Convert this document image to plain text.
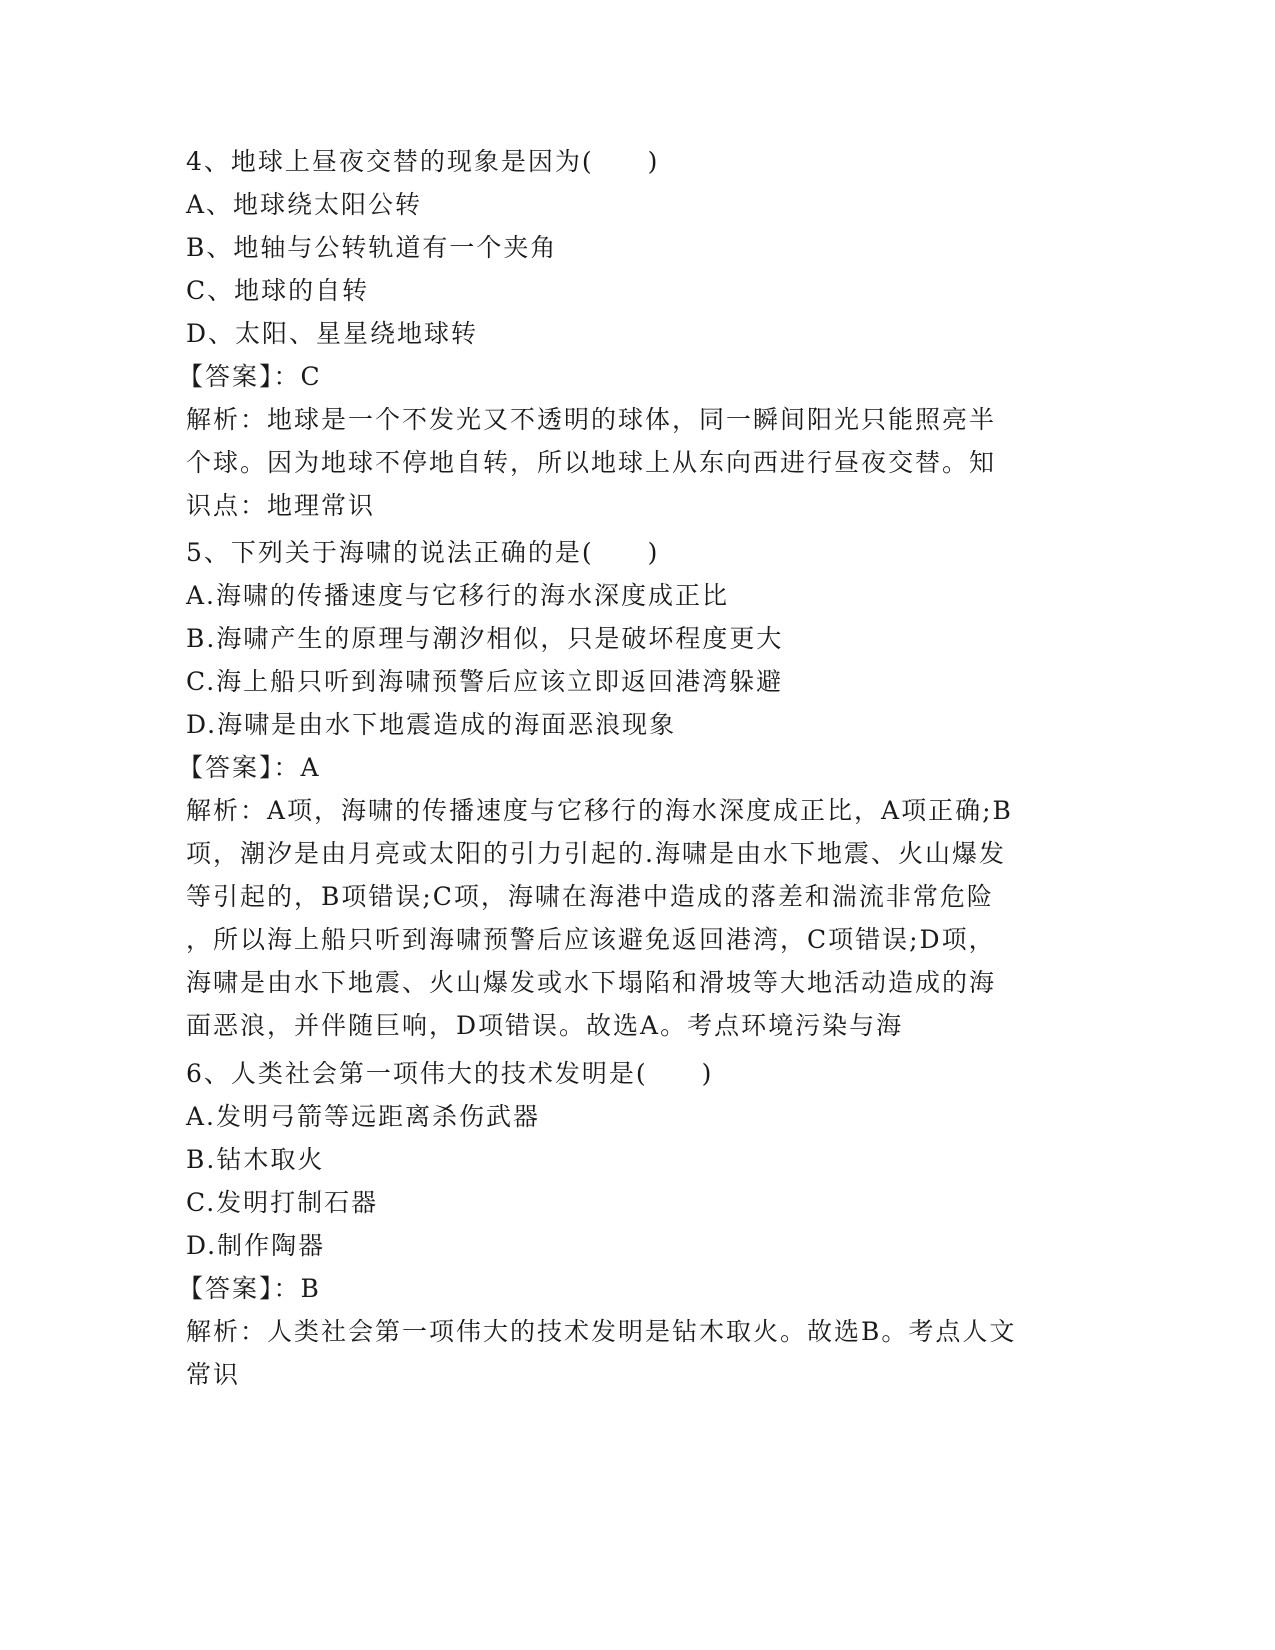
4、地球上昼夜交替的现象是因为(　　)
A、地球绕太阳公转
B、地轴与公转轨道有一个夹角
C、地球的自转
D、太阳、星星绕地球转
【答案】：C
解析：地球是一个不发光又不透明的球体，同一瞬间阳光只能照亮半
个球。因为地球不停地自转，所以地球上从东向西进行昼夜交替。知
识点：地理常识
5、下列关于海啸的说法正确的是(　　)
A.海啸的传播速度与它移行的海水深度成正比
B.海啸产生的原理与潮汐相似，只是破坏程度更大
C.海上船只听到海啸预警后应该立即返回港湾躲避
D.海啸是由水下地震造成的海面恶浪现象
【答案】：A
解析：A项，海啸的传播速度与它移行的海水深度成正比，A项正确;B
项，潮汐是由月亮或太阳的引力引起的.海啸是由水下地震、火山爆发
等引起的，B项错误;C项，海啸在海港中造成的落差和湍流非常危险
，所以海上船只听到海啸预警后应该避免返回港湾，C项错误;D项，
海啸是由水下地震、火山爆发或水下塌陷和滑坡等大地活动造成的海
面恶浪，并伴随巨响，D项错误。故选A。考点环境污染与海
6、人类社会第一项伟大的技术发明是(　　)
A.发明弓箭等远距离杀伤武器
B.钻木取火
C.发明打制石器
D.制作陶器
【答案】：B
解析：人类社会第一项伟大的技术发明是钻木取火。故选B。考点人文
常识
